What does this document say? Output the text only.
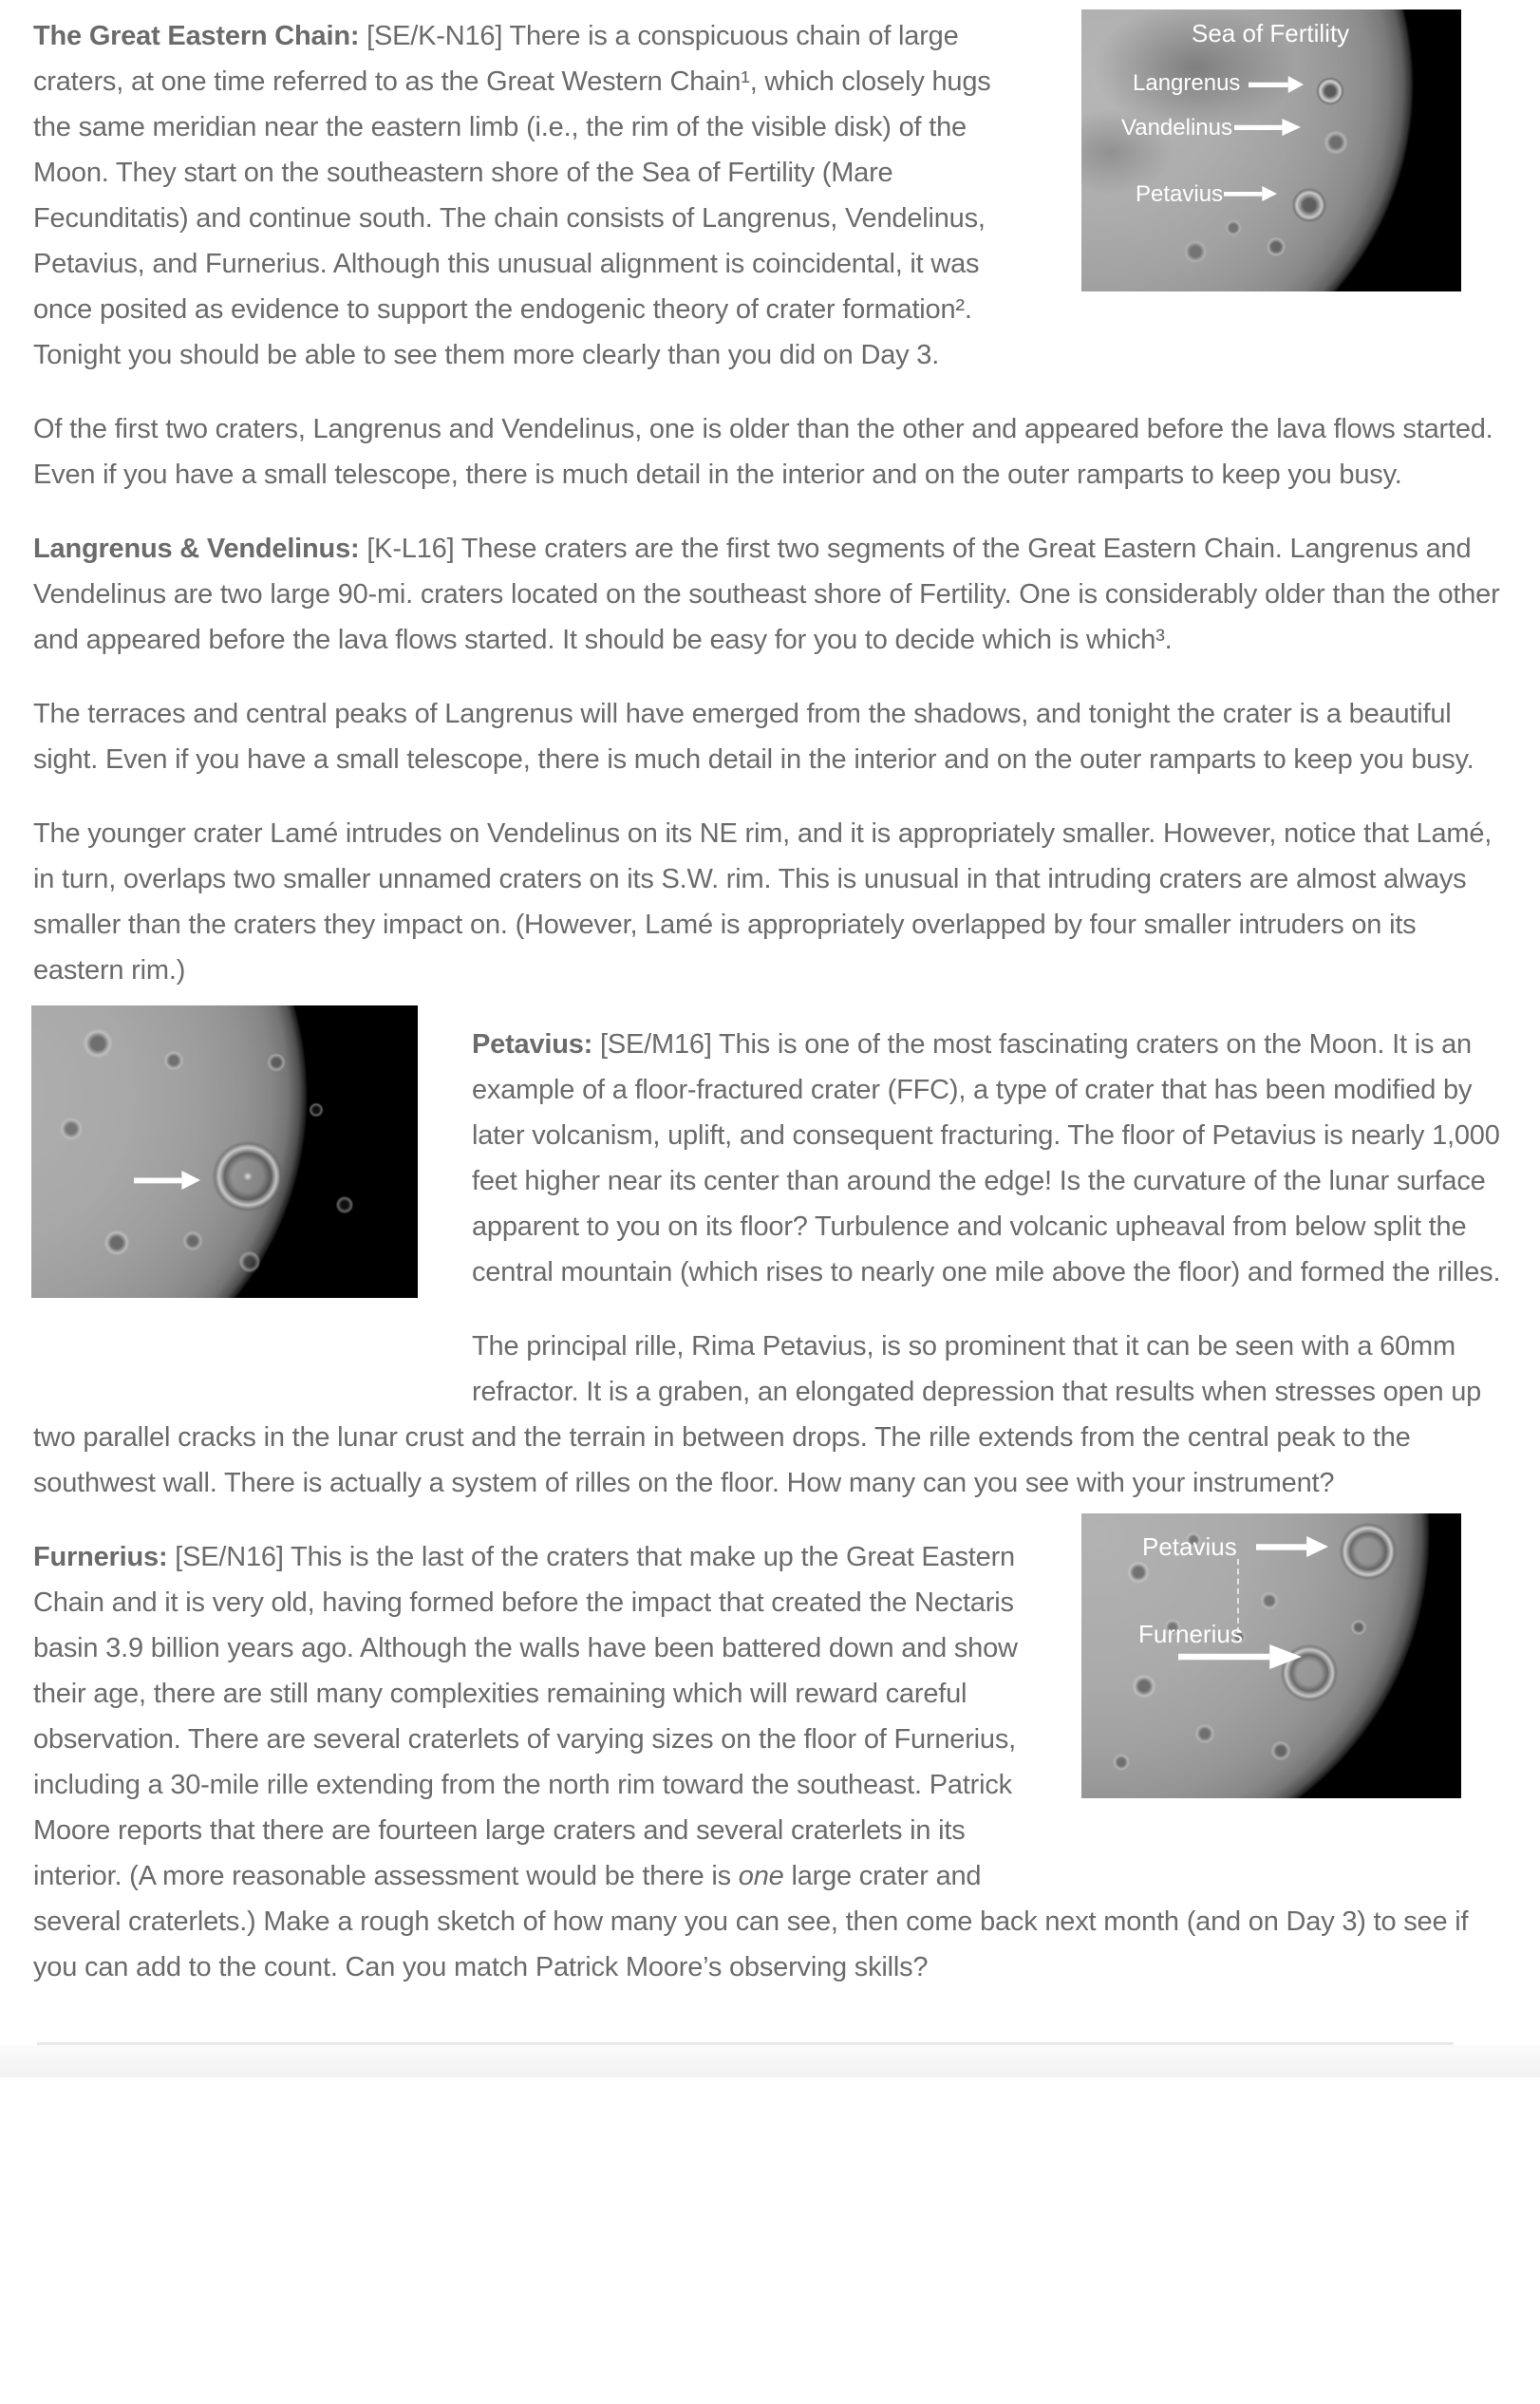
Sea of Fertility
Langrenus
Vandelinus
Petavius

The Great Eastern Chain: [SE/K-N16] There is a conspicuous chain of large craters, at one time referred to as the Great Western Chain¹, which closely hugs the same meridian near the eastern limb (i.e., the rim of the visible disk) of the Moon. They start on the southeastern shore of the Sea of Fertility (Mare Fecunditatis) and continue south. The chain consists of Langrenus, Vendelinus, Petavius, and Furnerius. Although this unusual alignment is coincidental, it was once posited as evidence to support the endogenic theory of crater formation². Tonight you should be able to see them more clearly than you did on Day 3.

Of the first two craters, Langrenus and Vendelinus, one is older than the other and appeared before the lava flows started. Even if you have a small telescope, there is much detail in the interior and on the outer ramparts to keep you busy.

Langrenus & Vendelinus: [K-L16] These craters are the first two segments of the Great Eastern Chain. Langrenus and Vendelinus are two large 90-mi. craters located on the southeast shore of Fertility. One is considerably older than the other and appeared before the lava flows started. It should be easy for you to decide which is which³.

The terraces and central peaks of Langrenus will have emerged from the shadows, and tonight the crater is a beautiful sight. Even if you have a small telescope, there is much detail in the interior and on the outer ramparts to keep you busy.

The younger crater Lamé intrudes on Vendelinus on its NE rim, and it is appropriately smaller. However, notice that Lamé, in turn, overlaps two smaller unnamed craters on its S.W. rim. This is unusual in that intruding craters are almost always smaller than the craters they impact on. (However, Lamé is appropriately overlapped by four smaller intruders on its eastern rim.)

Petavius: [SE/M16] This is one of the most fascinating craters on the Moon. It is an example of a floor-fractured crater (FFC), a type of crater that has been modified by later volcanism, uplift, and consequent fracturing. The floor of Petavius is nearly 1,000 feet higher near its center than around the edge! Is the curvature of the lunar surface apparent to you on its floor? Turbulence and volcanic upheaval from below split the central mountain (which rises to nearly one mile above the floor) and formed the rilles.

The principal rille, Rima Petavius, is so prominent that it can be seen with a 60mm refractor. It is a graben, an elongated depression that results when stresses open up two parallel cracks in the lunar crust and the terrain in between drops. The rille extends from the central peak to the southwest wall. There is actually a system of rilles on the floor. How many can you see with your instrument?

Petavius
Furnerius

Furnerius: [SE/N16] This is the last of the craters that make up the Great Eastern Chain and it is very old, having formed before the impact that created the Nectaris basin 3.9 billion years ago. Although the walls have been battered down and show their age, there are still many complexities remaining which will reward careful observation. There are several craterlets of varying sizes on the floor of Furnerius, including a 30-mile rille extending from the north rim toward the southeast. Patrick Moore reports that there are fourteen large craters and several craterlets in its interior. (A more reasonable assessment would be there is one large crater and several craterlets.) Make a rough sketch of how many you can see, then come back next month (and on Day 3) to see if you can add to the count. Can you match Patrick Moore’s observing skills?
